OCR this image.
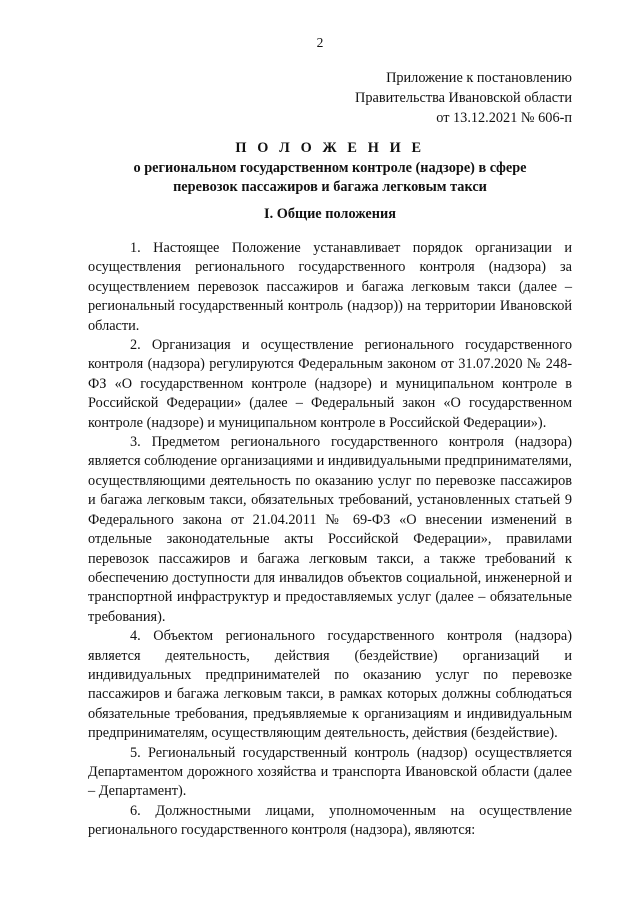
2
Приложение к постановлению
Правительства Ивановской области
от 13.12.2021 № 606-п
П О Л О Ж Е Н И Е
о региональном государственном контроле (надзоре) в сфере
перевозок пассажиров и багажа легковым такси
I. Общие положения

1. Настоящее Положение устанавливает порядок организации и осуществления регионального государственного контроля (надзора) за осуществлением перевозок пассажиров и багажа легковым такси (далее – региональный государственный контроль (надзор)) на территории Ивановской области.

2. Организация и осуществление регионального государственного контроля (надзора) регулируются Федеральным законом от 31.07.2020 № 248-ФЗ «О государственном контроле (надзоре) и муниципальном контроле в Российской Федерации» (далее – Федеральный закон «О государственном контроле (надзоре) и муниципальном контроле в Российской Федерации»).

3. Предметом регионального государственного контроля (надзора) является соблюдение организациями и индивидуальными предпринимателями, осуществляющими деятельность по оказанию услуг по перевозке пассажиров и багажа легковым такси, обязательных требований, установленных статьей 9 Федерального закона от 21.04.2011 № 69-ФЗ «О внесении изменений в отдельные законодательные акты Российской Федерации», правилами перевозок пассажиров и багажа легковым такси, а также требований к обеспечению доступности для инвалидов объектов социальной, инженерной и транспортной инфраструктур и предоставляемых услуг (далее – обязательные требования).

4. Объектом регионального государственного контроля (надзора) является деятельность, действия (бездействие) организаций и индивидуальных предпринимателей по оказанию услуг по перевозке пассажиров и багажа легковым такси, в рамках которых должны соблюдаться обязательные требования, предъявляемые к организациям и индивидуальным предпринимателям, осуществляющим деятельность, действия (бездействие).

5. Региональный государственный контроль (надзор) осуществляется Департаментом дорожного хозяйства и транспорта Ивановской области (далее – Департамент).

6. Должностными лицами, уполномоченным на осуществление регионального государственного контроля (надзора), являются:
